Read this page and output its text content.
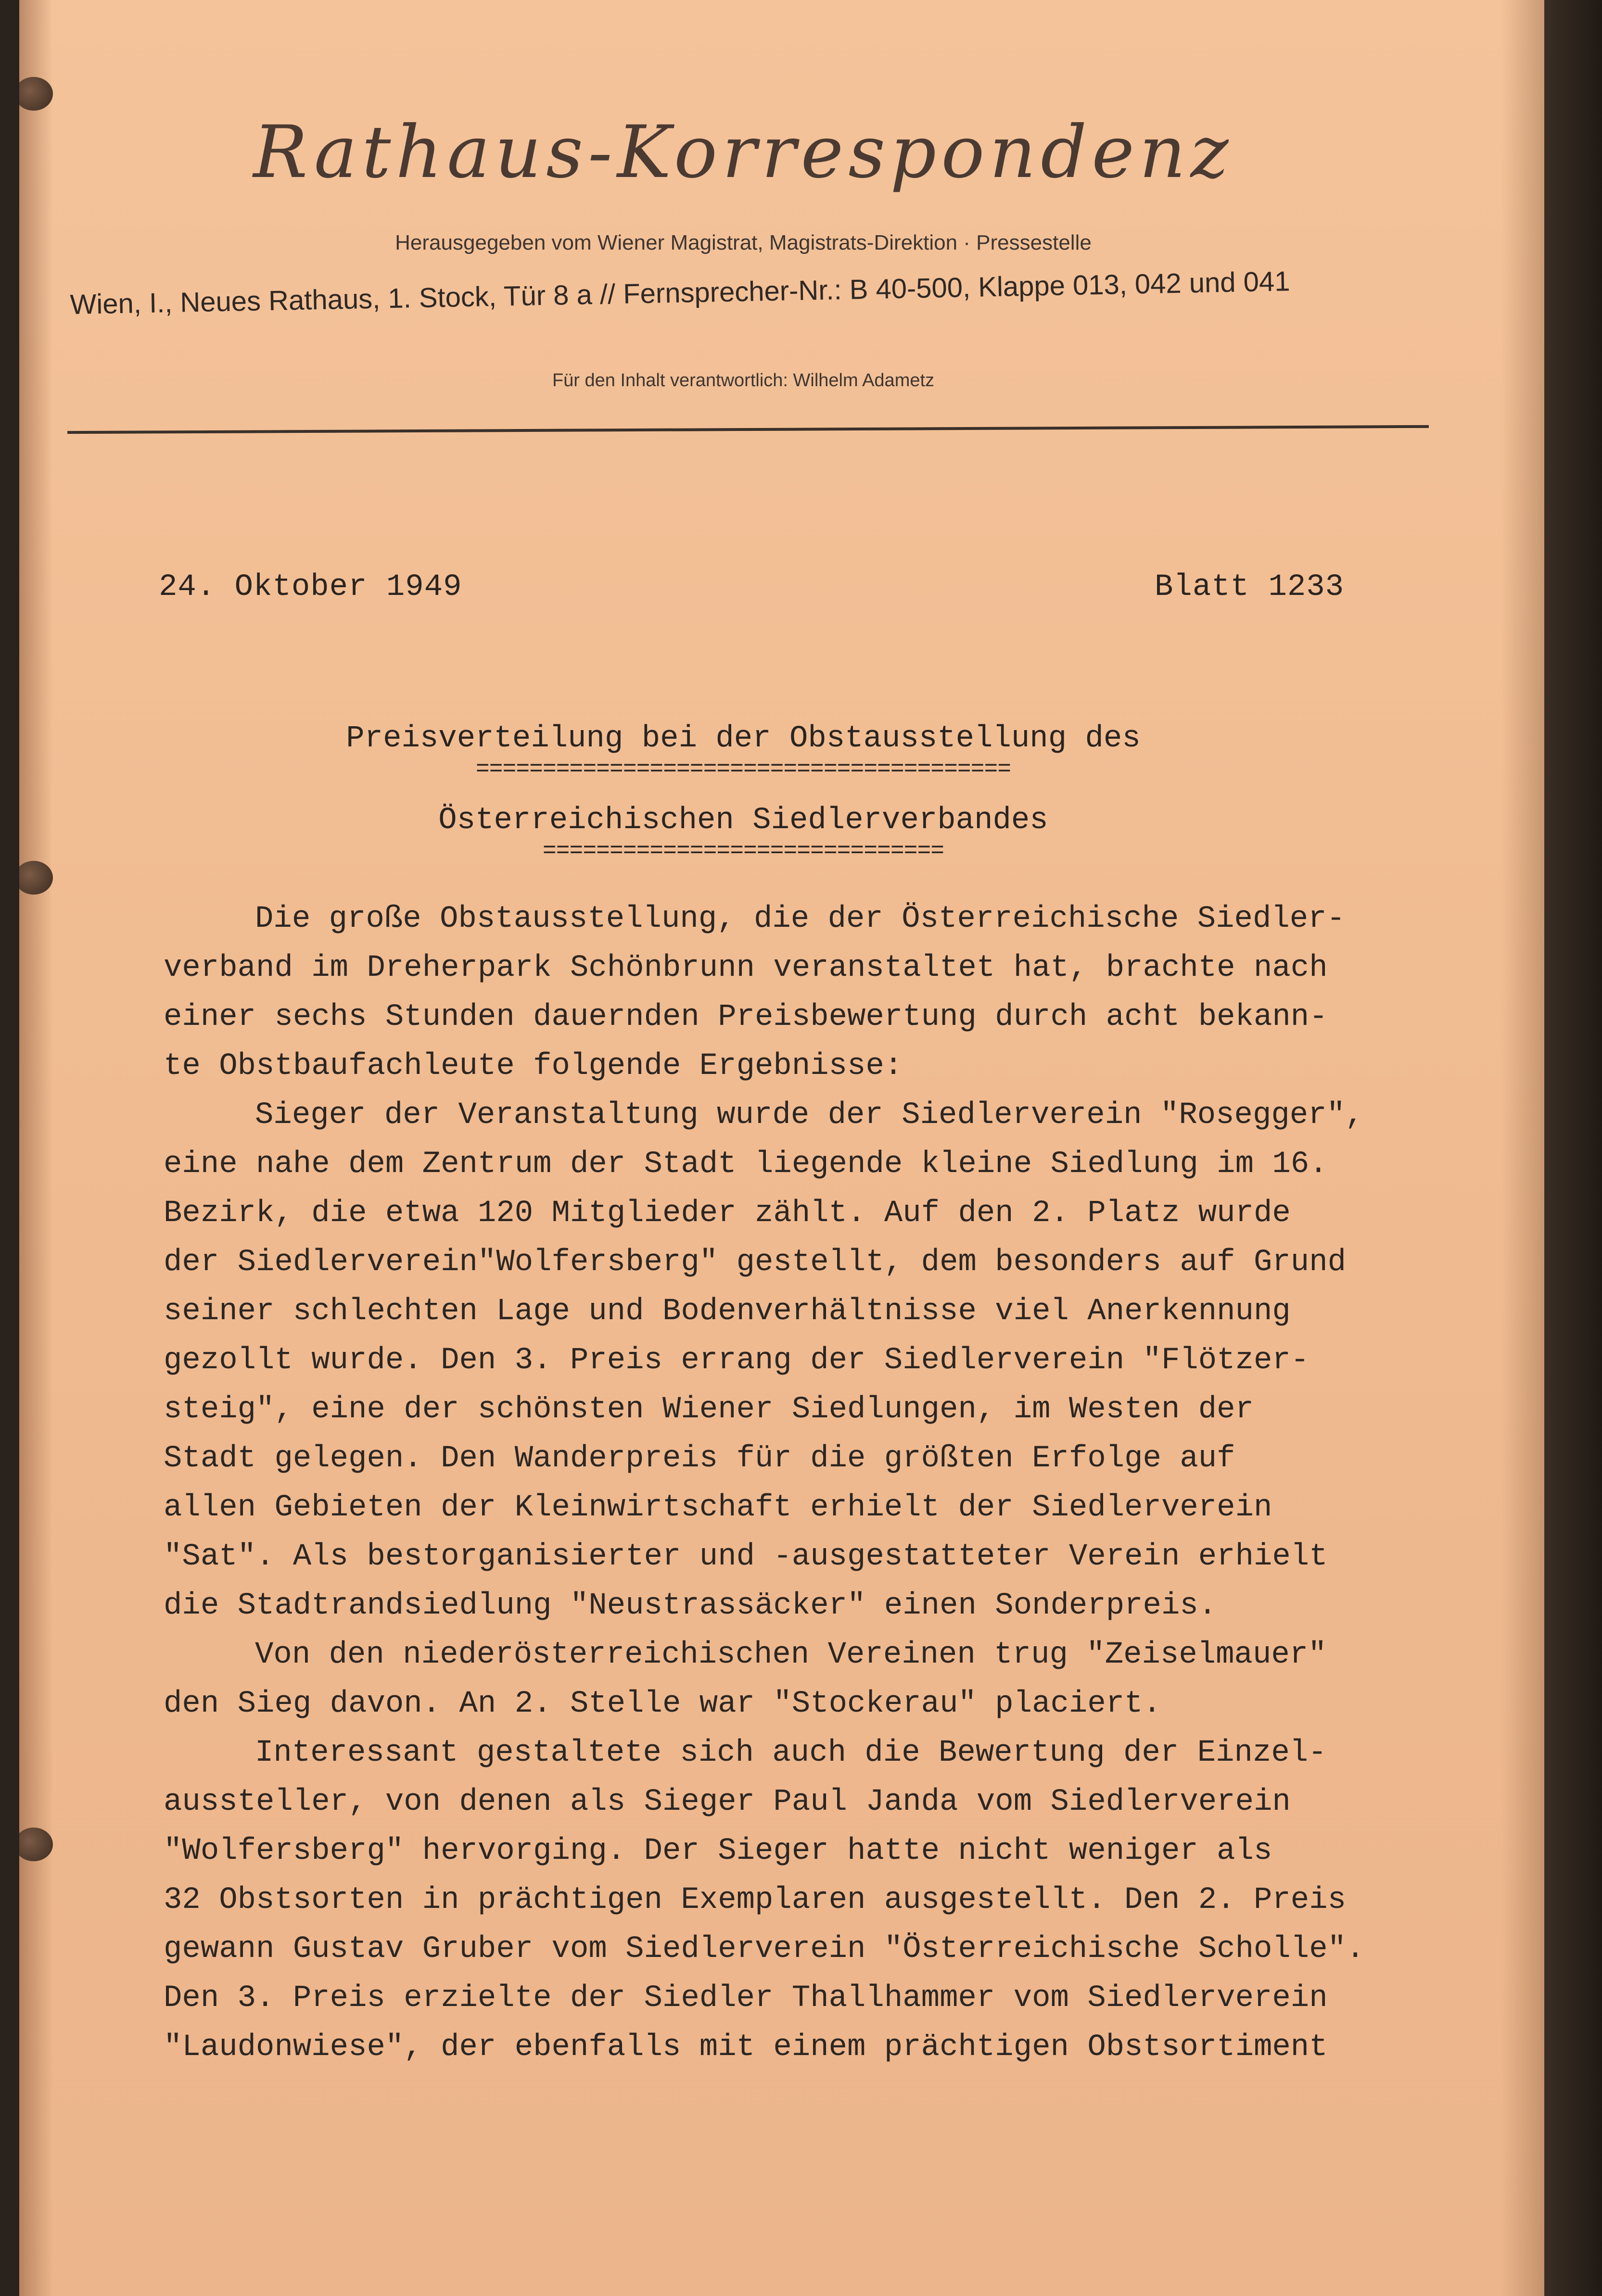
Rathaus-Korrespondenz
Herausgegeben vom Wiener Magistrat, Magistrats-Direktion · Pressestelle
Wien, I., Neues Rathaus, 1. Stock, Tür 8 a // Fernsprecher-Nr.: B 40-500, Klappe 013, 042 und 041
Für den Inhalt verantwortlich: Wilhelm Adametz
24. Oktober 1949	Blatt 1233
Preisverteilung bei der Obstausstellung des
========================================
Österreichischen Siedlerverbandes
==============================
Die große Obstausstellung, die der Österreichische Siedler-
verband im Dreherpark Schönbrunn veranstaltet hat, brachte nach
einer sechs Stunden dauernden Preisbewertung durch acht bekann-
te Obstbaufachleute folgende Ergebnisse:
Sieger der Veranstaltung wurde der Siedlerverein "Rosegger",
eine nahe dem Zentrum der Stadt liegende kleine Siedlung im 16.
Bezirk, die etwa 120 Mitglieder zählt. Auf den 2. Platz wurde
der Siedlerverein"Wolfersberg" gestellt, dem besonders auf Grund
seiner schlechten Lage und Bodenverhältnisse viel Anerkennung
gezollt wurde. Den 3. Preis errang der Siedlerverein "Flötzer-
steig", eine der schönsten Wiener Siedlungen, im Westen der
Stadt gelegen. Den Wanderpreis für die größten Erfolge auf
allen Gebieten der Kleinwirtschaft erhielt der Siedlerverein
"Sat". Als bestorganisierter und -ausgestatteter Verein erhielt
die Stadtrandsiedlung "Neustrassäcker" einen Sonderpreis.
Von den niederösterreichischen Vereinen trug "Zeiselmauer"
den Sieg davon. An 2. Stelle war "Stockerau" placiert.
Interessant gestaltete sich auch die Bewertung der Einzel-
aussteller, von denen als Sieger Paul Janda vom Siedlerverein
"Wolfersberg" hervorging. Der Sieger hatte nicht weniger als
32 Obstsorten in prächtigen Exemplaren ausgestellt. Den 2. Preis
gewann Gustav Gruber vom Siedlerverein "Österreichische Scholle".
Den 3. Preis erzielte der Siedler Thallhammer vom Siedlerverein
"Laudonwiese", der ebenfalls mit einem prächtigen Obstsortiment
